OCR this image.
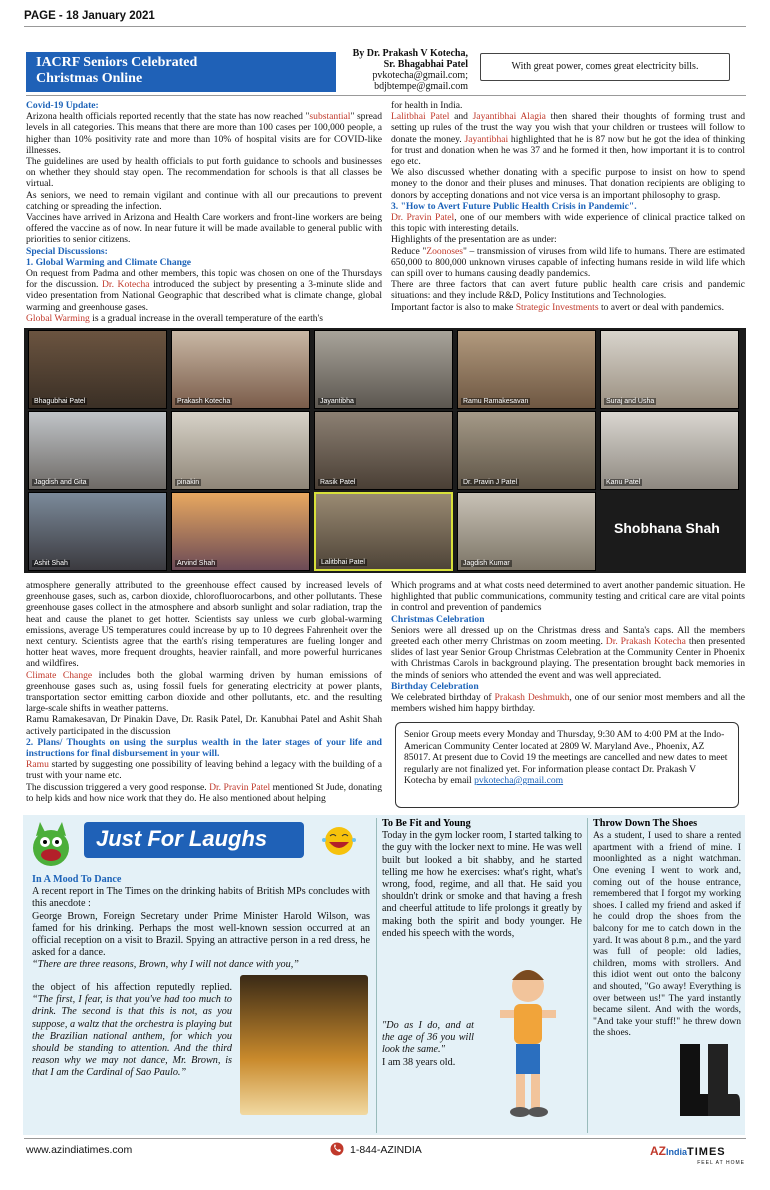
PAGE - 18 January 2021
IACRF Seniors Celebrated
Christmas Online
By Dr. Prakash V Kotecha,
Sr. Bhagabhai Patel
pvkotecha@gmail.com;
bdjbtempe@gmail.com
With great power, comes great electricity bills.

Covid-19 Update:

Arizona health officials reported recently that the state has now reached "substantial" spread levels in all categories. This means that there are more than 100 cases per 100,000 people, a higher than 10% positivity rate and more than 10% of hospital visits are for COVID-like illnesses.

The guidelines are used by health officials to put forth guidance to schools and businesses on whether they should stay open. The recommendation for schools is that all classes be virtual.

As seniors, we need to remain vigilant and continue with all our precautions to prevent catching or spreading the infection.

Vaccines have arrived in Arizona and Health Care workers and front-line workers are being offered the vaccine as of now. In near future it will be made available to general public with priorities to senior citizens.

Special Discussions:

1. Global Warming and Climate Change

On request from Padma and other members, this topic was chosen on one of the Thursdays for the discussion. Dr. Kotecha introduced the subject by presenting a 3-minute slide and video presentation from National Geographic that described what is climate change, global warming and greenhouse gases.

Global Warming is a gradual increase in the overall temperature of the earth's

for health in India.

Lalitbhai Patel and Jayantibhai Alagia then shared their thoughts of forming trust and setting up rules of the trust the way you wish that your children or trustees will follow to donate the money. Jayantibhai highlighted that he is 87 now but he got the idea of thinking for trust and donation when he was 37 and he formed it then, how important it is to control ego etc.

We also discussed whether donating with a specific purpose to insist on how to spend money to the donor and their pluses and minuses. That donation recipients are obliging to donors by accepting donations and not vice versa is an important philosophy to grasp.

3. "How to Avert Future Public Health Crisis in Pandemic".

Dr. Pravin Patel, one of our members with wide experience of clinical practice talked on this topic with interesting details.

Highlights of the presentation are as under:

Reduce "Zoonoses" – transmission of viruses from wild life to humans. There are estimated 650,000 to 800,000 unknown viruses capable of infecting humans reside in wild life which can spill over to humans causing deadly pandemics.

There are three factors that can avert future public health care crisis and pandemic situations: and they include R&D, Policy Institutions and Technologies.

Important factor is also to make Strategic Investments to avert or deal with pandemics.

Bhagubhai Patel	Prakash Kotecha	Jayantibha	Ramu Ramakesavan	Suraj and Usha
Jagdish and Gita	pinakin	Rasik Patel	Dr. Pravin J Patel	Kanu Patel
Ashit Shah	Arvind Shah	Lalitbhai Patel	Jagdish Kumar
Shobhana Shah

atmosphere generally attributed to the greenhouse effect caused by increased levels of greenhouse gases, such as, carbon dioxide, chlorofluorocarbons, and other pollutants. These greenhouse gases collect in the atmosphere and absorb sunlight and solar radiation, trap the heat and cause the planet to get hotter. Scientists say unless we curb global-warming emissions, average US temperatures could increase by up to 10 degrees Fahrenheit over the next century. Scientists agree that the earth's rising temperatures are fueling longer and hotter heat waves, more frequent droughts, heavier rainfall, and more powerful hurricanes and wildfires.

Climate Change includes both the global warming driven by human emissions of greenhouse gases such as, using fossil fuels for generating electricity at power plants, transportation sector emitting carbon dioxide and other pollutants, etc. and the resulting large-scale shifts in weather patterns.

Ramu Ramakesavan, Dr Pinakin Dave, Dr. Rasik Patel, Dr. Kanubhai Patel and Ashit Shah actively participated in the discussion

2. Plans/ Thoughts on using the surplus wealth in the later stages of your life and instructions for final disbursement in your will.

Ramu started by suggesting one possibility of leaving behind a legacy with the building of a trust with your name etc.

The discussion triggered a very good response. Dr. Pravin Patel mentioned St Jude, donating to help kids and how nice work that they do. He also mentioned about helping

Which programs and at what costs need determined to avert another pandemic situation. He highlighted that public communications, community testing and critical care are vital points in control and prevention of pandemics

Christmas Celebration

Seniors were all dressed up on the Christmas dress and Santa's caps. All the members greeted each other merry Christmas on zoom meeting. Dr. Prakash Kotecha then presented slides of last year Senior Group Christmas Celebration at the Community Center in Phoenix with Christmas Carols in background playing. The presentation brought back memories in the minds of seniors who attended the event and was well appreciated.

Birthday Celebration

We celebrated birthday of Prakash Deshmukh, one of our senior most members and all the members wished him happy birthday.

Senior Group meets every Monday and Thursday, 9:30 AM to 4:00 PM at the Indo-American Community Center located at 2809 W. Maryland Ave., Phoenix, AZ 85017. At present due to Covid 19 the meetings are cancelled and new dates to meet regularly are not finalized yet. For information please contact Dr. Prakash V Kotecha by email pvkotecha@gmail.com
Just For Laughs
In A Mood To Dance
A recent report in The Times on the drinking habits of British MPs concludes with this anecdote :
George Brown, Foreign Secretary under Prime Minister Harold Wilson, was famed for his drinking. Perhaps the most well-known session occurred at an official reception on a visit to Brazil. Spying an attractive person in a red dress, he asked for a dance.
“There are three reasons, Brown, why I will not dance with you,”
the object of his affection reputedly replied. “The first, I fear, is that you've had too much to drink. The second is that this is not, as you suppose, a waltz that the orchestra is playing but the Brazilian national anthem, for which you should be standing to attention. And the third reason why we may not dance, Mr. Brown, is that I am the Cardinal of Sao Paulo.”
To Be Fit and Young
Today in the gym locker room, I started talking to the guy with the locker next to mine. He was well built but looked a bit shabby, and he started telling me how he exercises: what's right, what's wrong, food, regime, and all that. He said you shouldn't drink or smoke and that having a fresh and cheerful attitude to life prolongs it greatly by making both the spirit and body younger. He ended his speech with the words,
"Do as I do, and at the age of 36 you will look the same."
I am 38 years old.
Throw Down The Shoes
As a student, I used to share a rented apartment with a friend of mine. I moonlighted as a night watchman. One evening I went to work and, coming out of the house entrance, remembered that I forgot my working shoes. I called my friend and asked if he could drop the shoes from the balcony for me to catch down in the yard. It was about 8 p.m., and the yard was full of people: old ladies, children, moms with strollers. And this idiot went out onto the balcony and shouted, "Go away! Everything is over between us!" The yard instantly became silent. And with the words, "And take your stuff!" he threw down the shoes.
www.azindiatimes.com	1-844-AZINDIA	AZIndiaTIMES
FEEL AT HOME
